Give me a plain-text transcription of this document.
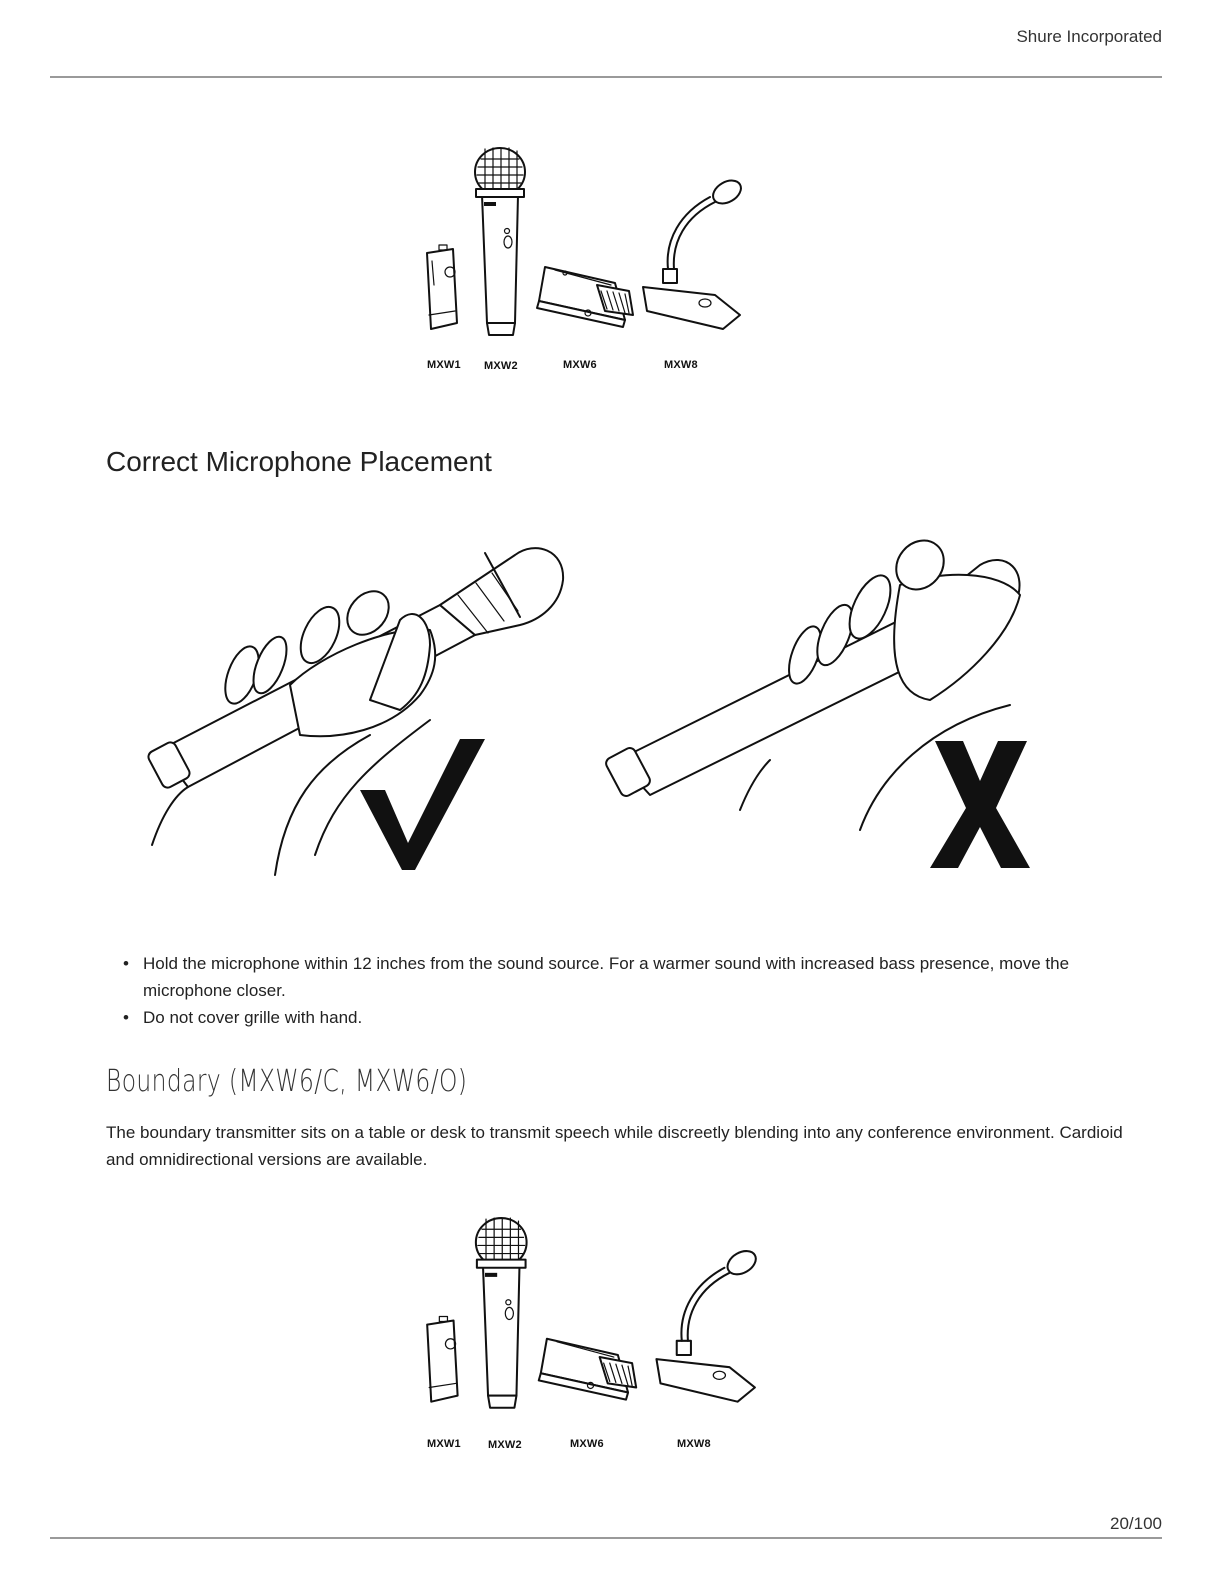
Shure Incorporated
MXW1 MXW2	MXW6	MXW8
Correct Microphone Placement
• Hold the microphone within 12 inches from the sound source. For a warmer sound with increased bass presence, move the microphone closer.
• Do not cover grille with hand.
Boundary (MXW6/C, MXW6/O)

The boundary transmitter sits on a table or desk to transmit speech while discreetly blending into any conference environment. Cardioid and omnidirectional versions are available.

MXW1 MXW2	MXW6	MXW8
20/100
